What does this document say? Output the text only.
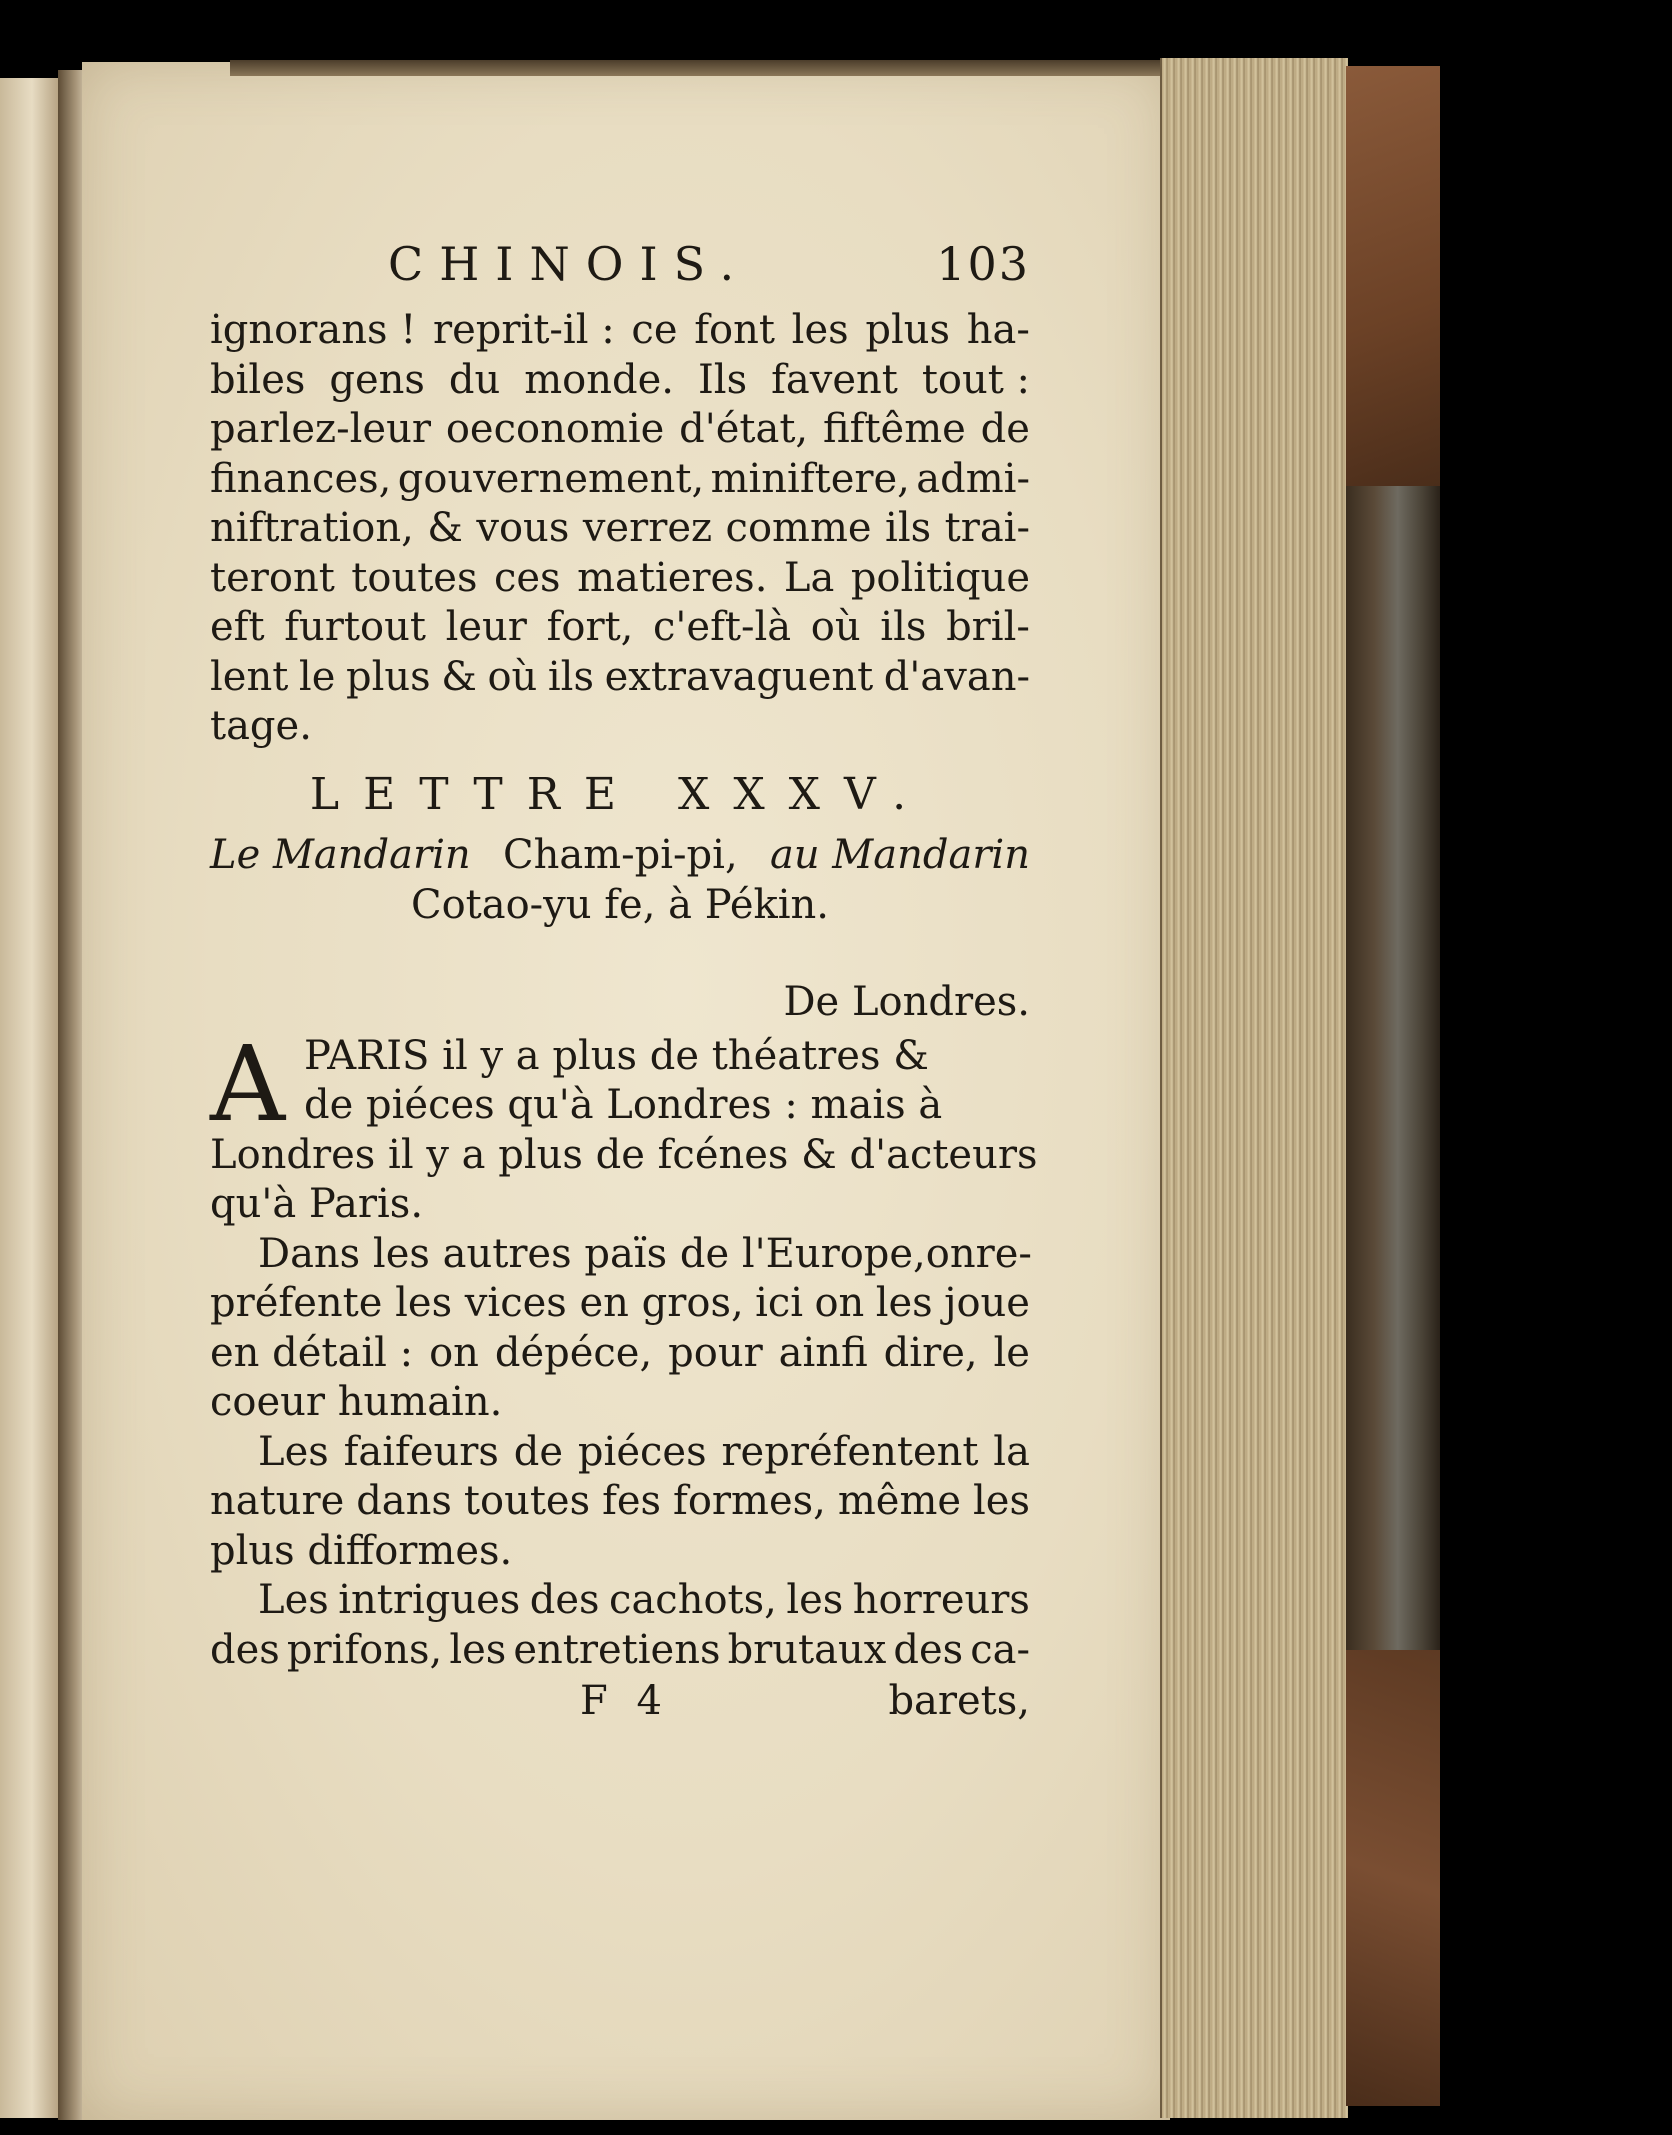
CHINOIS.	103
ignorans ! reprit-il : ce font les plus ha-
biles gens du monde. Ils favent tout :
parlez-leur oeconomie d'état, fiftême de
finances, gouvernement, miniftere, admi-
niftration, & vous verrez comme ils trai-
teront toutes ces matieres. La politique
eft furtout leur fort, c'eft-là où ils bril-
lent le plus & où ils extravaguent d'avan-
tage.
LETTRE XXXV.
Le Mandarin Cham-pi-pi, au Mandarin
Cotao-yu fe, à Pékin.
De Londres.
A PARIS il y a plus de théatres &
de piéces qu'à Londres : mais à
Londres il y a plus de fcénes & d'acteurs
qu'à Paris.
Dans les autres païs de l'Europe, on re-
préfente les vices en gros, ici on les joue
en détail : on dépéce, pour ainfi dire, le
coeur humain.
Les faifeurs de piéces repréfentent la
nature dans toutes fes formes, même les
plus difformes.
Les intrigues des cachots, les horreurs
des prifons, les entretiens brutaux des ca-
F 4	barets,
